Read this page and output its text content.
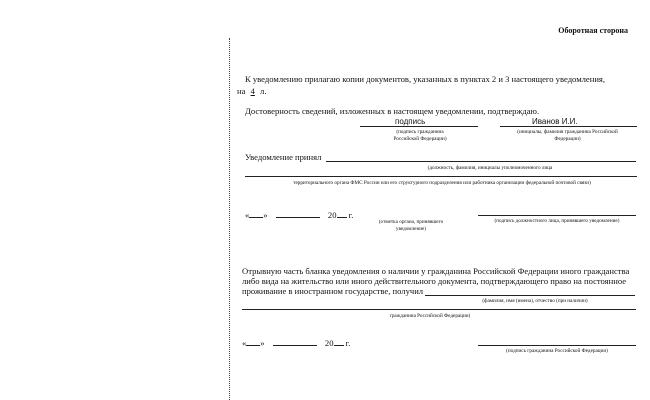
Оборотная сторона
К уведомлению прилагаю копии документов, указанных в пунктах 2 и 3 настоящего уведомления,
на 4 л.
Достоверность сведений, изложенных в настоящем уведомлении, подтверждаю.
подпись
(подпись гражданина Российской Федерации)
Иванов И.И.
(инициалы, фамилия гражданина Российской Федерации)
Уведомление принял
(должность, фамилия, инициалы уполномоченного лица
территориального органа ФМС России или его структурного подразделения или работника организации федеральной почтовой связи)
« »	20 г.
(отметка органа, принявшего уведомление)
(подпись должностного лица, принявшего уведомление)
Отрывную часть бланка уведомления о наличии у гражданина Российской Федерации иного гражданства
либо вида на жительство или иного действительного документа, подтверждающего право на постоянное
проживание в иностранном государстве, получил
(фамилия, имя (имена), отчество (при наличии)
гражданина Российской Федерации)
« »	20 г.
(подпись гражданина Российской Федерации)
